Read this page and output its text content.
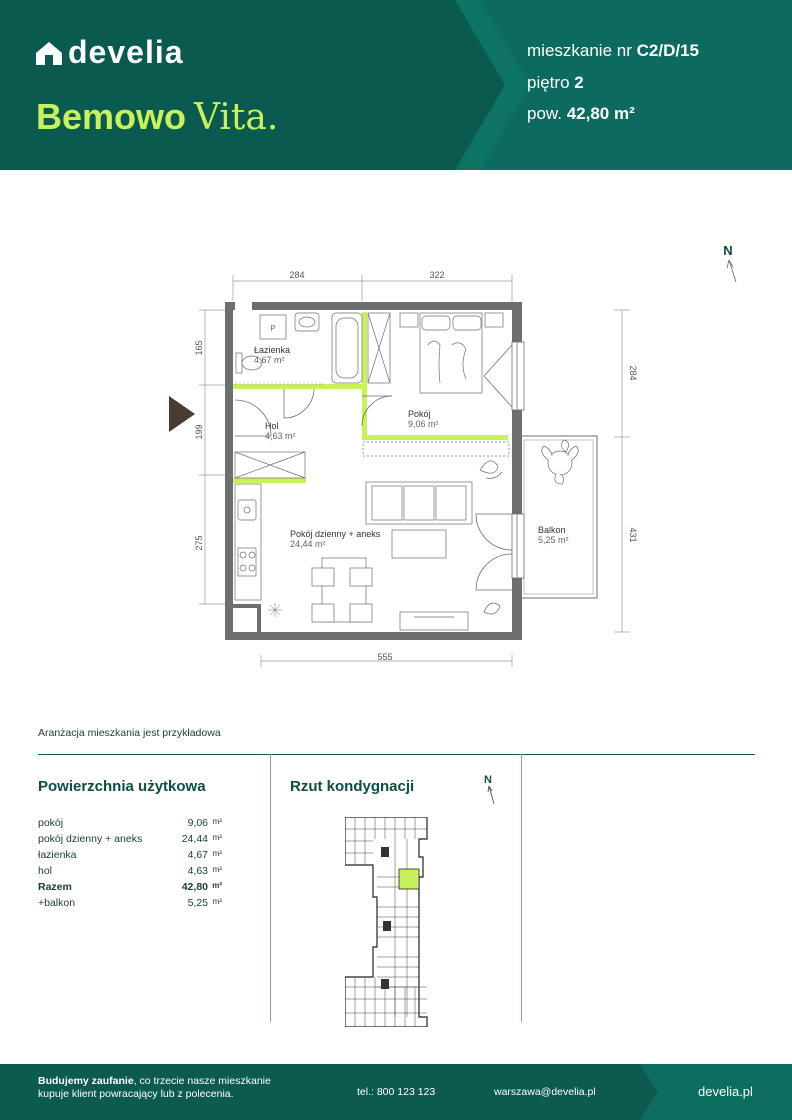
develia
Bemowo Vita.
mieszkanie nr C2/D/15
piętro 2
pow. 42,80 m²
284	322
555
165
199
275
284
431
N
P
Łazienka
4,67 m²
Hol
4,63 m²
Pokój
9,06 m²
Pokój dzienny + aneks
24,44 m²
Balkon
5,25 m²
Aranżacja mieszkania jest przykładowa
Powierzchnia użytkowa
pokój	9,06	m²
pokój dzienny + aneks	24,44	m²
łazienka	4,67	m²
hol	4,63	m²
Razem	42,80	m²
+balkon	5,25	m²
Rzut kondygnacji	N
Budujemy zaufanie, co trzecie nasze mieszkanie
kupuje klient powracający lub z polecenia.	tel.: 800 123 123	warszawa@develia.pl	develia.pl
